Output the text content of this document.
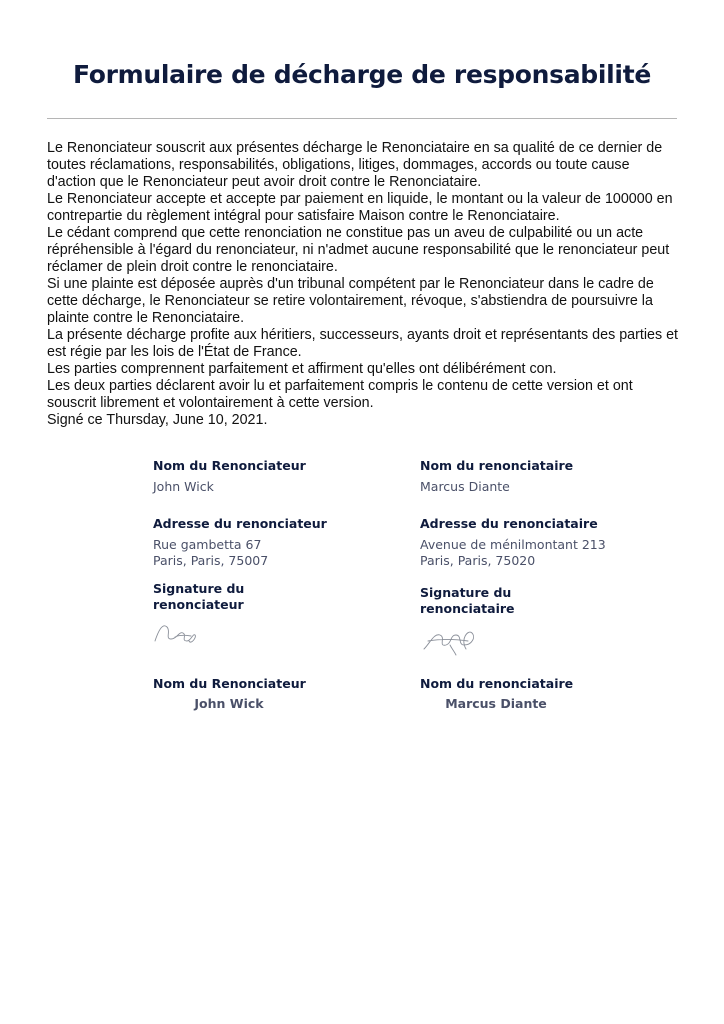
Formulaire de décharge de responsabilité

Le Renonciateur souscrit aux présentes décharge le Renonciataire en sa qualité de ce dernier de toutes réclamations, responsabilités, obligations, litiges, dommages, accords ou toute cause d'action que le Renonciateur peut avoir droit contre le Renonciataire.

Le Renonciateur accepte et accepte par paiement en liquide, le montant ou la valeur de 100000 en contrepartie du règlement intégral pour satisfaire Maison contre le Renonciataire.

Le cédant comprend que cette renonciation ne constitue pas un aveu de culpabilité ou un acte répréhensible à l'égard du renonciateur, ni n'admet aucune responsabilité que le renonciateur peut réclamer de plein droit contre le renonciataire.

Si une plainte est déposée auprès d'un tribunal compétent par le Renonciateur dans le cadre de cette décharge, le Renonciateur se retire volontairement, révoque, s'abstiendra de poursuivre la plainte contre le Renonciataire.

La présente décharge profite aux héritiers, successeurs, ayants droit et représentants des parties et est régie par les lois de l'État de France.

Les parties comprennent parfaitement et affirment qu'elles ont délibérément con.

Les deux parties déclarent avoir lu et parfaitement compris le contenu de cette version et ont souscrit librement et volontairement à cette version.

Signé ce Thursday, June 10, 2021.

Nom du Renonciateur

John Wick

Adresse du renonciateur

Rue gambetta 67
Paris, Paris, 75007

Signature du renonciateur

Nom du Renonciateur

John Wick

Nom du renonciataire

Marcus Diante

Adresse du renonciataire

Avenue de ménilmontant 213
Paris, Paris, 75020

Signature du renonciataire

Nom du renonciataire

Marcus Diante
